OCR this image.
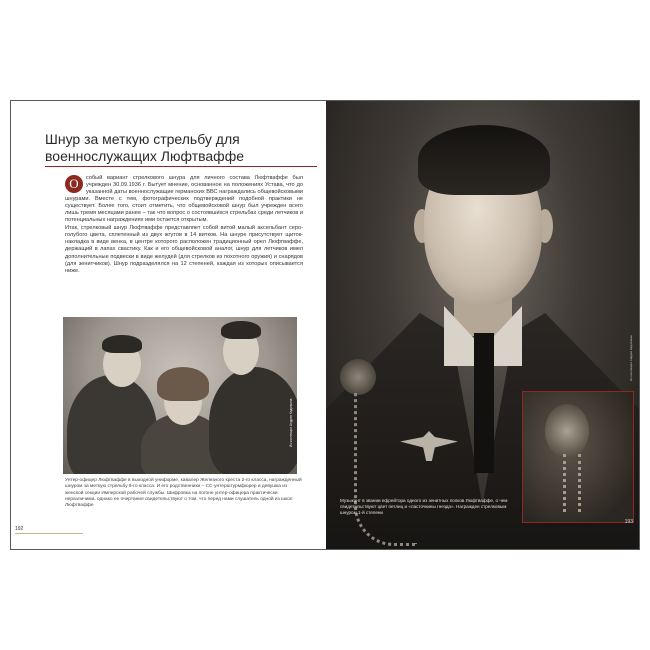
Шнур за меткую стрельбу для
военнослужащих Люфтваффе

О	собый вариант стрелкового шнура для личного состава Люфтваффе был учрежден 30.09.1936 г. Бытует мнение, основанное на положениях Устава, что до указанной даты военнослужащие германских ВВС награждались общевойсковыми шнурами. Вместе с тем, фотографических подтверждений подобной практики не существует. Более того, стоит отметить, что общевойсковой шнур был учрежден всего лишь тремя месяцами ранее – так что вопрос о состоявшихся стрельбах среди летчиков и потенциальных награждениях ими остается открытым.

Итак, стрелковый шнур Люфтваффе представляет собой витой малый аксельбант серо-голубого цвета, сплетенный из двух жгутов в 14 витков. На шнуре присутствует щиток-накладка в виде венка, в центре которого расположен традиционный орел Люфтваффе, держащий в лапах свастику. Как и его общевойсковой аналог, шнур для летчиков имел дополнительные подвески в виде желудей (для стрелков из похотного оружия) и снарядов (для зенитчиков). Шнур подразделялся на 12 степеней, каждая из которых описывается ниже.

Из коллекции Андрея Кадочкина
Унтер-офицер Люфтваффе в выходной униформе, кавалер Железного креста 2-го класса, награжденный шнуром за меткую стрельбу 6-го класса. И его родственники – СС-унтерштурмфюрер и девушка из женской секции Имперской рабочей службы. Шифровка на погоне унтер-офицера практически неразличима, однако ее очертания свидетельствуют о том, что перед нами слушатель одной из школ Люфтваффе
192
Из коллекции Андрея Кадочкина
Музыкант в звании ефрейтора одного из зенитных полков Люфтваффе, о чем свидетельствуют цвет петлиц и «ласточкины гнезда». Награжден стрелковым шнуром 1-й степени
193
